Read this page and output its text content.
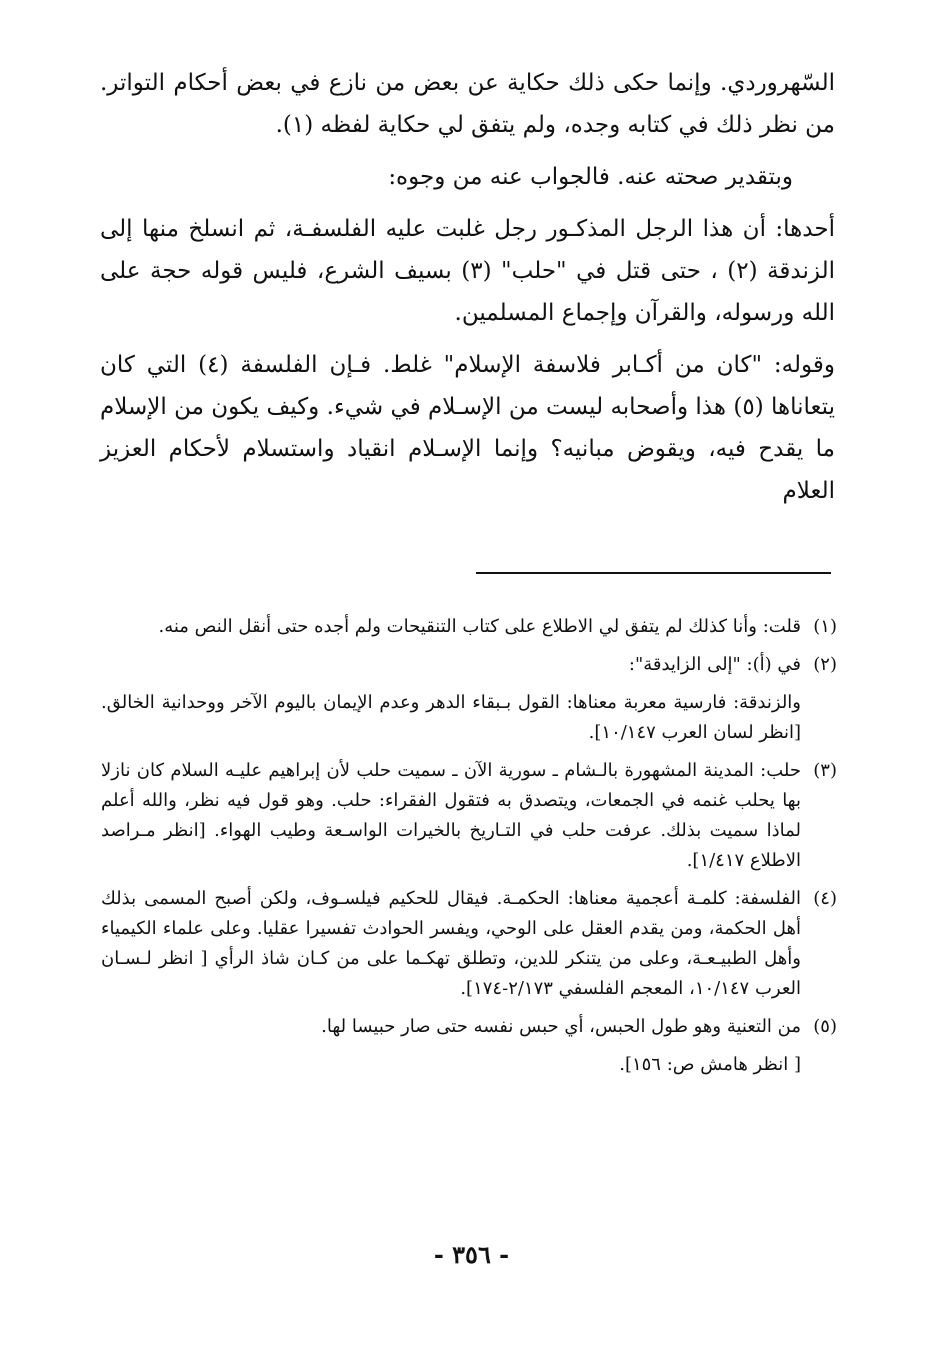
السّهروردي. وإنما حكى ذلك حكاية عن بعض من نازع في بعض أحكام التواتر. من نظر ذلك في كتابه وجده، ولم يتفق لي حكاية لفظه (١).

وبتقدير صحته عنه. فالجواب عنه من وجوه:

أحدها: أن هذا الرجل المذكـور رجل غلبت عليه الفلسفـة، ثم انسلخ منها إلى الزندقة (٢) ، حتى قتل في "حلب" (٣) بسيف الشرع، فليس قوله حجة على الله ورسوله، والقرآن وإجماع المسلمين.

وقوله: "كان من أكـابر فلاسفة الإسلام" غلط. فـإن الفلسفة (٤) التي كان يتعاناها (٥) هذا وأصحابه ليست من الإسـلام في شيء. وكيف يكون من الإسلام ما يقدح فيه، ويقوض مبانيه؟ وإنما الإسـلام انقياد واستسلام لأحكام العزيز العلام

(١)
قلت: وأنا كذلك لم يتفق لي الاطلاع على كتاب التنقيحات ولم أجده حتى أنقل النص منه.
(٢)
في (أ): "إلى الزايدقة":
والزندقة: فارسية معربة معناها: القول بـبقاء الدهر وعدم الإيمان باليوم الآخر ووحدانية الخالق. [انظر لسان العرب ١٠/١٤٧].
(٣)
حلب: المدينة المشهورة بالـشام ـ سورية الآن ـ سميت حلب لأن إبراهيم عليـه السلام كان نازلا بها يحلب غنمه في الجمعات، ويتصدق به فتقول الفقراء: حلب. وهو قول فيه نظر، والله أعلم لماذا سميت بذلك. عرفت حلب في التـاريخ بالخيرات الواسـعة وطيب الهواء. [انظر مـراصد الاطلاع ١/٤١٧].
(٤)
الفلسفة: كلمـة أعجمية معناها: الحكمـة. فيقال للحكيم فيلسـوف، ولكن أصبح المسمى بذلك أهل الحكمة، ومن يقدم العقل على الوحي، ويفسر الحوادث تفسيرا عقليا. وعلى علماء الكيمياء وأهل الطبيـعـة، وعلى من يتنكر للدين، وتطلق تهكـما على من كـان شاذ الرأي [ انظر لـسـان العرب ١٠/١٤٧، المعجم الفلسفي ٢/١٧٣-١٧٤].
(٥)
من التعنية وهو طول الحبس، أي حبس نفسه حتى صار حبيسا لها.
[ انظر هامش ص: ١٥٦].
- ٣٥٦ -
